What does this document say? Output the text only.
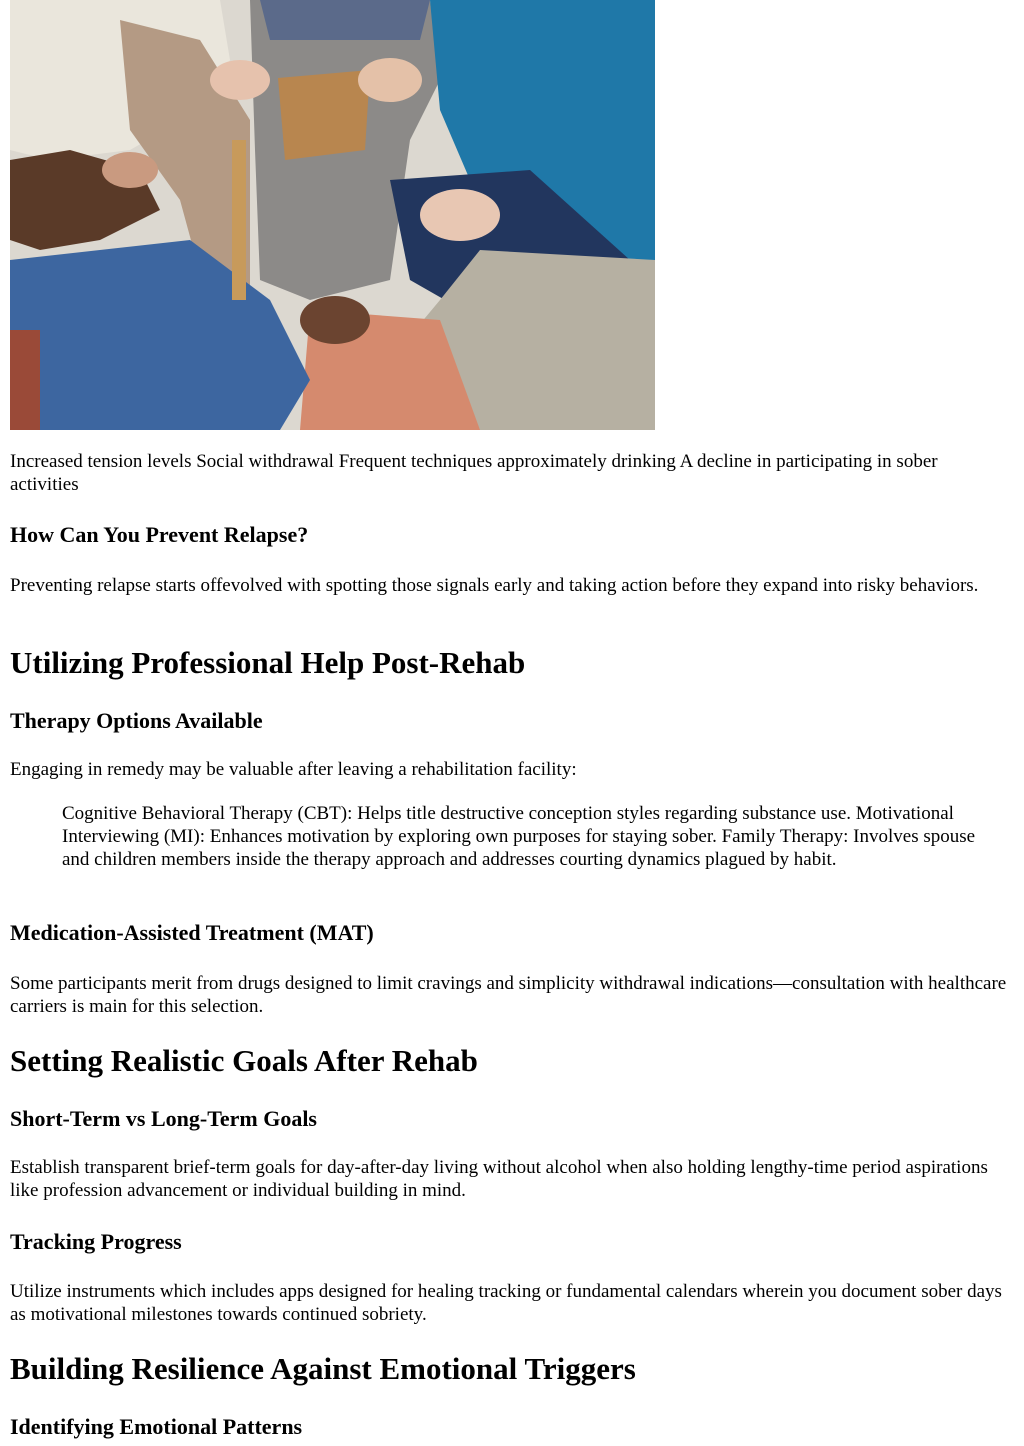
Increased tension levels Social withdrawal Frequent techniques approximately drinking A decline in participating in sober activities

How Can You Prevent Relapse?

Preventing relapse starts offevolved with spotting those signals early and taking action before they expand into risky behaviors.

Utilizing Professional Help Post-Rehab
Therapy Options Available

Engaging in remedy may be valuable after leaving a rehabilitation facility:

Cognitive Behavioral Therapy (CBT): Helps title destructive conception styles regarding substance use. Motivational Interviewing (MI): Enhances motivation by exploring own purposes for staying sober. Family Therapy: Involves spouse and children members inside the therapy approach and addresses courting dynamics plagued by habit.
Medication-Assisted Treatment (MAT)

Some participants merit from drugs designed to limit cravings and simplicity withdrawal indications—consultation with healthcare carriers is main for this selection.

Setting Realistic Goals After Rehab
Short-Term vs Long-Term Goals

Establish transparent brief-term goals for day-after-day living without alcohol when also holding lengthy-time period aspirations like profession advancement or individual building in mind.

Tracking Progress

Utilize instruments which includes apps designed for healing tracking or fundamental calendars wherein you document sober days as motivational milestones towards continued sobriety.

Building Resilience Against Emotional Triggers
Identifying Emotional Patterns
